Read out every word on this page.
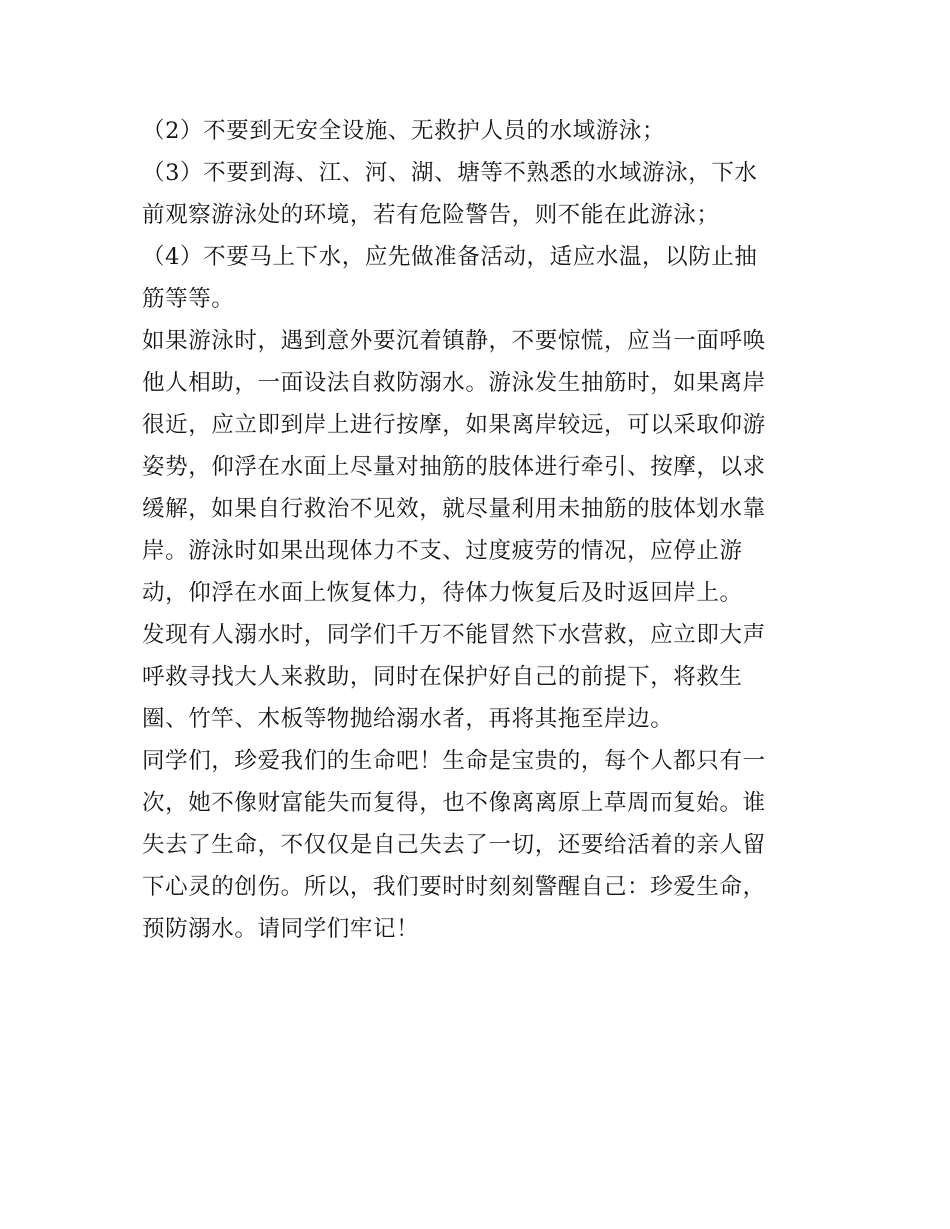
（2）不要到无安全设施、无救护人员的水域游泳；
（3）不要到海、江、河、湖、塘等不熟悉的水域游泳，下水
前观察游泳处的环境，若有危险警告，则不能在此游泳；
（4）不要马上下水，应先做准备活动，适应水温，以防止抽
筋等等。
如果游泳时，遇到意外要沉着镇静，不要惊慌，应当一面呼唤
他人相助，一面设法自救防溺水。游泳发生抽筋时，如果离岸
很近，应立即到岸上进行按摩，如果离岸较远，可以采取仰游
姿势，仰浮在水面上尽量对抽筋的肢体进行牵引、按摩，以求
缓解，如果自行救治不见效，就尽量利用未抽筋的肢体划水靠
岸。游泳时如果出现体力不支、过度疲劳的情况，应停止游
动，仰浮在水面上恢复体力，待体力恢复后及时返回岸上。
发现有人溺水时，同学们千万不能冒然下水营救，应立即大声
呼救寻找大人来救助，同时在保护好自己的前提下，将救生
圈、竹竿、木板等物抛给溺水者，再将其拖至岸边。
同学们，珍爱我们的生命吧！生命是宝贵的，每个人都只有一
次，她不像财富能失而复得，也不像离离原上草周而复始。谁
失去了生命，不仅仅是自己失去了一切，还要给活着的亲人留
下心灵的创伤。所以，我们要时时刻刻警醒自己：珍爱生命，
预防溺水。请同学们牢记！
